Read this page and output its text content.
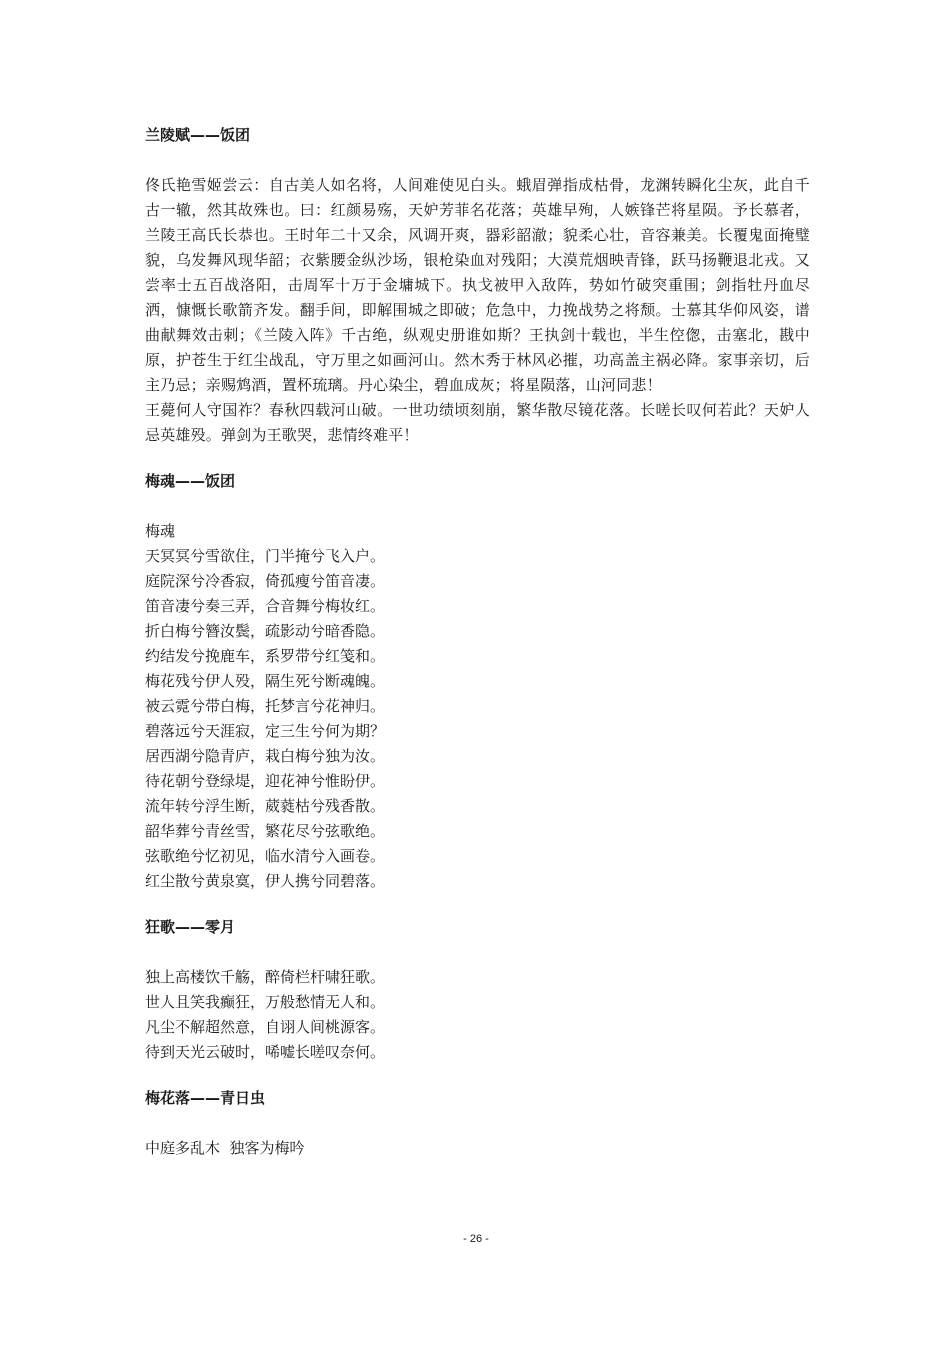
兰陵赋——饭团

佟氏艳雪姬尝云：自古美人如名将，人间难使见白头。蛾眉弹指成枯骨，龙渊转瞬化尘灰，此自千古一辙，然其故殊也。曰：红颜易殇，天妒芳菲名花落；英雄早殉，人嫉锋芒将星陨。予长慕者，兰陵王高氏长恭也。王时年二十又余，风调开爽，器彩韶澈；貌柔心壮，音容兼美。长覆鬼面掩璧貌，乌发舞风现华韶；衣紫腰金纵沙场，银枪染血对残阳；大漠荒烟映青锋，跃马扬鞭退北戎。又尝率士五百战洛阳，击周军十万于金墉城下。执戈被甲入敌阵，势如竹破突重围；剑指牡丹血尽洒，慷慨长歌箭齐发。翻手间，即解围城之即破；危急中，力挽战势之将颓。士慕其华仰风姿，谱曲献舞效击刺；《兰陵入阵》千古绝，纵观史册谁如斯？王执剑十载也，半生倥偬，击塞北，戡中原，护苍生于红尘战乱，守万里之如画河山。然木秀于林风必摧，功高盖主祸必降。家事亲切，后主乃忌；亲赐鸩酒，置杯琉璃。丹心染尘，碧血成灰；将星陨落，山河同悲！

王薨何人守国祚？春秋四载河山破。一世功绩顷刻崩，繁华散尽镜花落。长嗟长叹何若此？天妒人忌英雄殁。弹剑为王歌哭，悲情终难平！

梅魂——饭团

梅魂

天冥冥兮雪欲住，门半掩兮飞入户。

庭院深兮冷香寂，倚孤瘦兮笛音凄。

笛音凄兮奏三弄，合音舞兮梅妆红。

折白梅兮簪汝鬓，疏影动兮暗香隐。

约结发兮挽鹿车，系罗带兮红笺和。

梅花残兮伊人殁，隔生死兮断魂魄。

被云霓兮带白梅，托梦言兮花神归。

碧落远兮天涯寂，定三生兮何为期？

居西湖兮隐青庐，栽白梅兮独为汝。

待花朝兮登绿堤，迎花神兮惟盼伊。

流年转兮浮生断，葳蕤枯兮残香散。

韶华葬兮青丝雪，繁花尽兮弦歌绝。

弦歌绝兮忆初见，临水清兮入画卷。

红尘散兮黄泉寞，伊人携兮同碧落。

狂歌——零月

独上高楼饮千觞，醉倚栏杆啸狂歌。

世人且笑我癫狂，万般愁情无人和。

凡尘不解超然意，自诩人间桃源客。

待到天光云破时，唏嘘长嗟叹奈何。

梅花落——青日虫

中庭多乱木  独客为梅吟

- 26 -
